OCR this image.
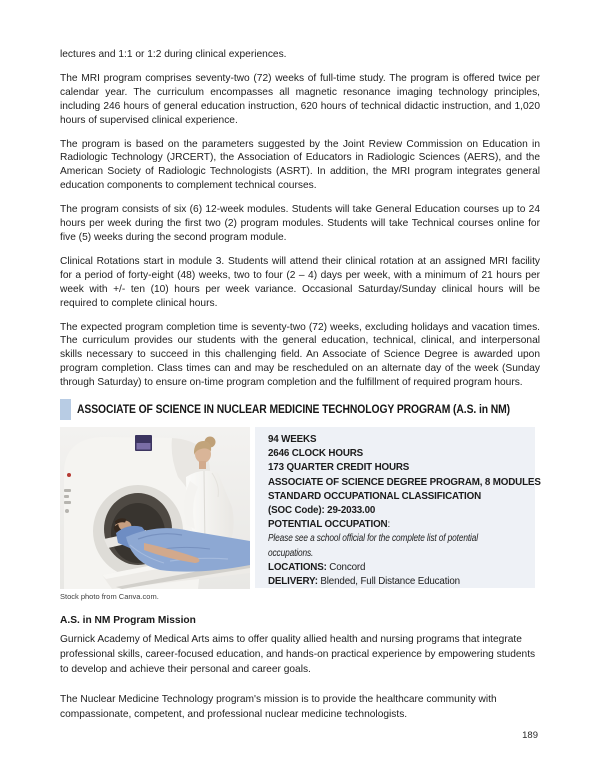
lectures and 1:1 or 1:2 during clinical experiences.

The MRI program comprises seventy-two (72) weeks of full-time study. The program is offered twice per calendar year. The curriculum encompasses all magnetic resonance imaging technology principles, including 246 hours of general education instruction, 620 hours of technical didactic instruction, and 1,020 hours of supervised clinical experience.

The program is based on the parameters suggested by the Joint Review Commission on Education in Radiologic Technology (JRCERT), the Association of Educators in Radiologic Sciences (AERS), and the American Society of Radiologic Technologists (ASRT). In addition, the MRI program integrates general education components to complement technical courses.

The program consists of six (6) 12-week modules. Students will take General Education courses up to 24 hours per week during the first two (2) program modules. Students will take Technical courses online for five (5) weeks during the second program module.

Clinical Rotations start in module 3. Students will attend their clinical rotation at an assigned MRI facility for a period of forty-eight (48) weeks, two to four (2 – 4) days per week, with a minimum of 21 hours per week with +/- ten (10) hours per week variance. Occasional Saturday/Sunday clinical hours will be required to complete clinical hours.

The expected program completion time is seventy-two (72) weeks, excluding holidays and vacation times. The curriculum provides our students with the general education, technical, clinical, and interpersonal skills necessary to succeed in this challenging field. An Associate of Science Degree is awarded upon program completion. Class times can and may be rescheduled on an alternate day of the week (Sunday through Saturday) to ensure on-time program completion and the fulfillment of required program hours.

ASSOCIATE OF SCIENCE IN NUCLEAR MEDICINE TECHNOLOGY PROGRAM (A.S. in NM)
Stock photo from Canva.com.
94 WEEKS
2646 CLOCK HOURS
173 QUARTER CREDIT HOURS
ASSOCIATE OF SCIENCE DEGREE PROGRAM, 8 MODULES
STANDARD OCCUPATIONAL CLASSIFICATION
(SOC Code): 29-2033.00
POTENTIAL OCCUPATION:
Please see a school official for the complete list of potential
occupations.
LOCATIONS: Concord
DELIVERY: Blended, Full Distance Education
A.S. in NM Program Mission

Gurnick Academy of Medical Arts aims to offer quality allied health and nursing programs that integrate professional skills, career-focused education, and hands-on practical experience by empowering students to develop and achieve their personal and career goals.

The Nuclear Medicine Technology program's mission is to provide the healthcare community with compassionate, competent, and professional nuclear medicine technologists.

189
